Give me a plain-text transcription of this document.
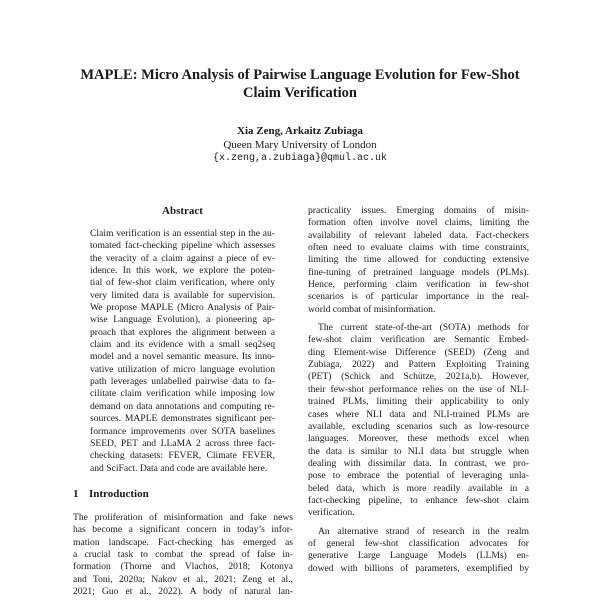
MAPLE: Micro Analysis of Pairwise Language Evolution for Few-Shot
Claim Verification
Xia Zeng, Arkaitz Zubiaga
Queen Mary University of London
{x.zeng,a.zubiaga}@qmul.ac.uk
Abstract
Claim verification is an essential step in the au-
tomated fact-checking pipeline which assesses
the veracity of a claim against a piece of ev-
idence. In this work, we explore the poten-
tial of few-shot claim verification, where only
very limited data is available for supervision.
We propose MAPLE (Micro Analysis of Pair-
wise Language Evolution), a pioneering ap-
proach that explores the alignment between a
claim and its evidence with a small seq2seq
model and a novel semantic measure. Its inno-
vative utilization of micro language evolution
path leverages unlabelled pairwise data to fa-
cilitate claim verification while imposing low
demand on data annotations and computing re-
sources. MAPLE demonstrates significant per-
formance improvements over SOTA baselines
SEED, PET and LLaMA 2 across three fact-
checking datasets: FEVER, Climate FEVER,
and SciFact. Data and code are available here.
1 Introduction
The proliferation of misinformation and fake news
has become a significant concern in today’s infor-
mation landscape. Fact-checking has emerged as
a crucial task to combat the spread of false in-
formation (Thorne and Vlachos, 2018; Kotonya
and Toni, 2020a; Nakov et al., 2021; Zeng et al.,
2021; Guo et al., 2022). A body of natural lan-
practicality issues. Emerging domains of misin-
formation often involve novel claims, limiting the
availability of relevant labeled data. Fact-checkers
often need to evaluate claims with time constraints,
limiting the time allowed for conducting extensive
fine-tuning of pretrained language models (PLMs).
Hence, performing claim verification in few-shot
scenarios is of particular importance in the real-
world combat of misinformation.
The current state-of-the-art (SOTA) methods for
few-shot claim verification are Semantic Embed-
ding Element-wise Difference (SEED) (Zeng and
Zubiaga, 2022) and Pattern Exploiting Training
(PET) (Schick and Schütze, 2021a,b). However,
their few-shot performance relies on the use of NLI-
trained PLMs, limiting their applicability to only
cases where NLI data and NLI-trained PLMs are
available, excluding scenarios such as low-resource
languages. Moreover, these methods excel when
the data is similar to NLI data but struggle when
dealing with dissimilar data. In contrast, we pro-
pose to embrace the potential of leveraging unla-
beled data, which is more readily available in a
fact-checking pipeline, to enhance few-shot claim
verification.
An alternative strand of research in the realm
of general few-shot classification advocates for
generative Large Language Models (LLMs) en-
dowed with billions of parameters, exemplified by
